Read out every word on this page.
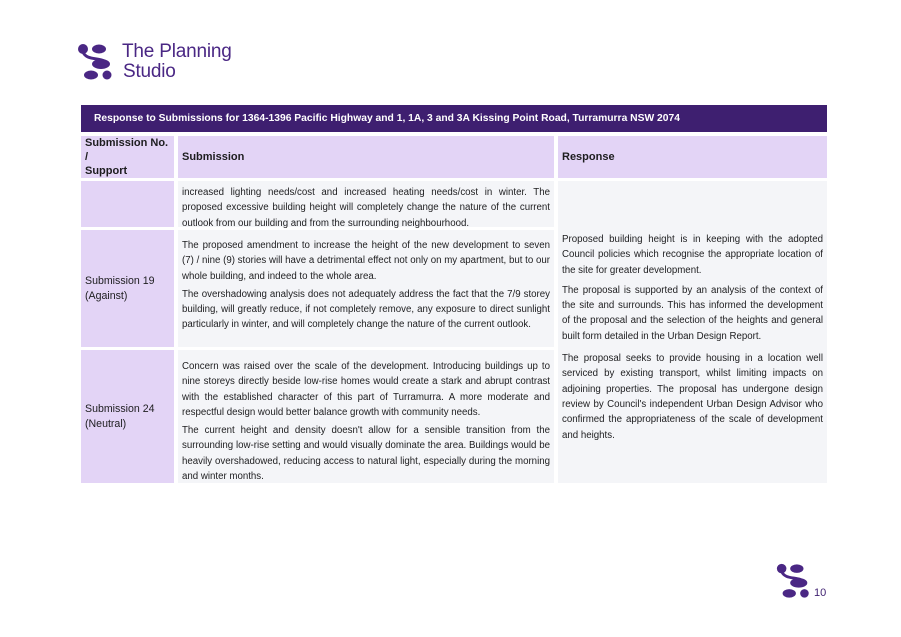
The Planning
Studio
Response to Submissions for 1364-1396 Pacific Highway and 1, 1A, 3 and 3A Kissing Point Road, Turramurra NSW 2074
Submission No. /
Support
Submission	Response

increased lighting needs/cost and increased heating needs/cost in winter. The proposed excessive building height will completely change the nature of the current outlook from our building and from the surrounding neighbourhood.

Submission 19
(Against)

The proposed amendment to increase the height of the new development to seven (7) / nine (9) stories will have a detrimental effect not only on my apartment, but to our whole building, and indeed to the whole area.

The overshadowing analysis does not adequately address the fact that the 7/9 storey building, will greatly reduce, if not completely remove, any exposure to direct sunlight particularly in winter, and will completely change the nature of the current outlook.

Submission 24
(Neutral)

Concern was raised over the scale of the development. Introducing buildings up to nine storeys directly beside low-rise homes would create a stark and abrupt contrast with the established character of this part of Turramurra. A more moderate and respectful design would better balance growth with community needs.

The current height and density doesn't allow for a sensible transition from the surrounding low-rise setting and would visually dominate the area. Buildings would be heavily overshadowed, reducing access to natural light, especially during the morning and winter months.

Proposed building height is in keeping with the adopted Council policies which recognise the appropriate location of the site for greater development.

The proposal is supported by an analysis of the context of the site and surrounds. This has informed the development of the proposal and the selection of the heights and general built form detailed in the Urban Design Report.

The proposal seeks to provide housing in a location well serviced by existing transport, whilst limiting impacts on adjoining properties. The proposal has undergone design review by Council's independent Urban Design Advisor who confirmed the appropriateness of the scale of development and heights.

10
